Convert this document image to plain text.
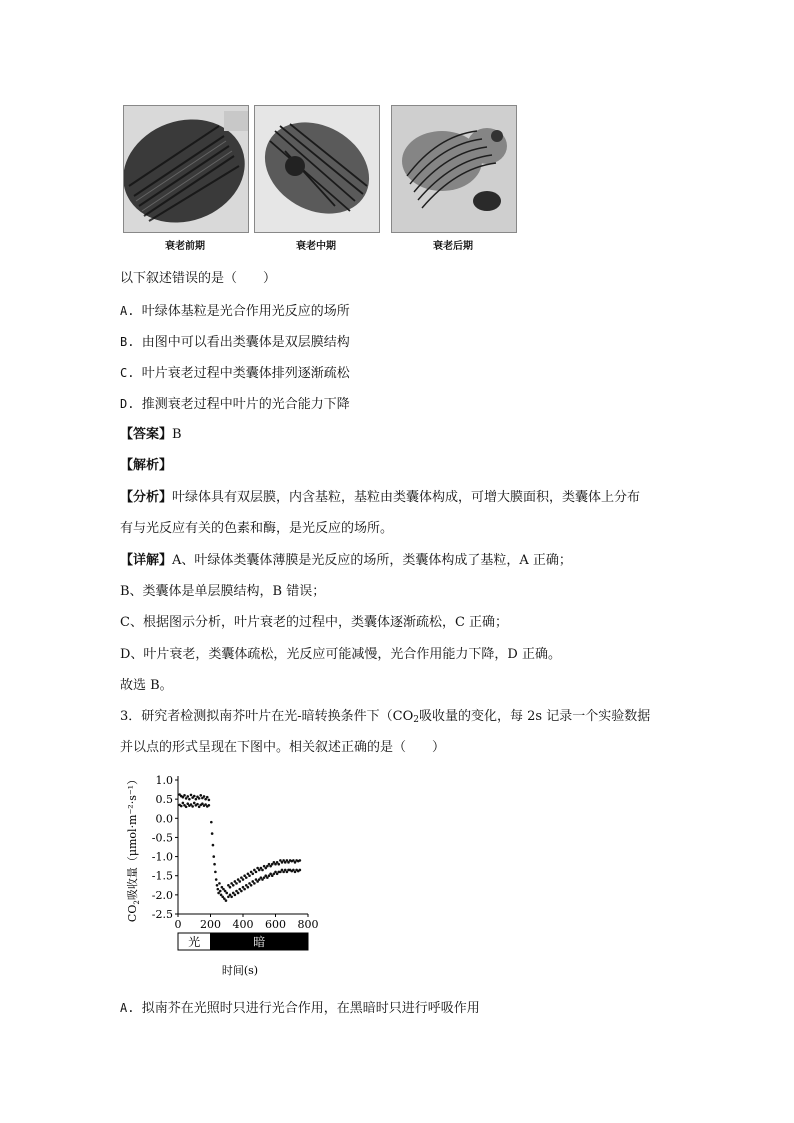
衰老前期	衰老中期	衰老后期
以下叙述错误的是（　　）
A. 叶绿体基粒是光合作用光反应的场所
B. 由图中可以看出类囊体是双层膜结构
C. 叶片衰老过程中类囊体排列逐渐疏松
D. 推测衰老过程中叶片的光合能力下降
【答案】B
【解析】
【分析】叶绿体具有双层膜，内含基粒，基粒由类囊体构成，可增大膜面积，类囊体上分布
有与光反应有关的色素和酶，是光反应的场所。
【详解】A、叶绿体类囊体薄膜是光反应的场所，类囊体构成了基粒，A 正确；
B、类囊体是单层膜结构，B 错误；
C、根据图示分析，叶片衰老的过程中，类囊体逐渐疏松，C 正确；
D、叶片衰老，类囊体疏松，光反应可能减慢，光合作用能力下降，D 正确。
故选 B。
3．研究者检测拟南芥叶片在光-暗转换条件下（$CO_2$吸收量的变化，每 2s 记录一个实验数据
并以点的形式呈现在下图中。相关叙述正确的是（　　）
$CO_2$吸收量（μmol·m⁻²·s⁻¹） 1.0
0.5
0.0
-0.5
-1.0
-1.5
-2.0
-2.5
0 200 400 600 800
光	暗
时间(s)
A. 拟南芥在光照时只进行光合作用，在黑暗时只进行呼吸作用
